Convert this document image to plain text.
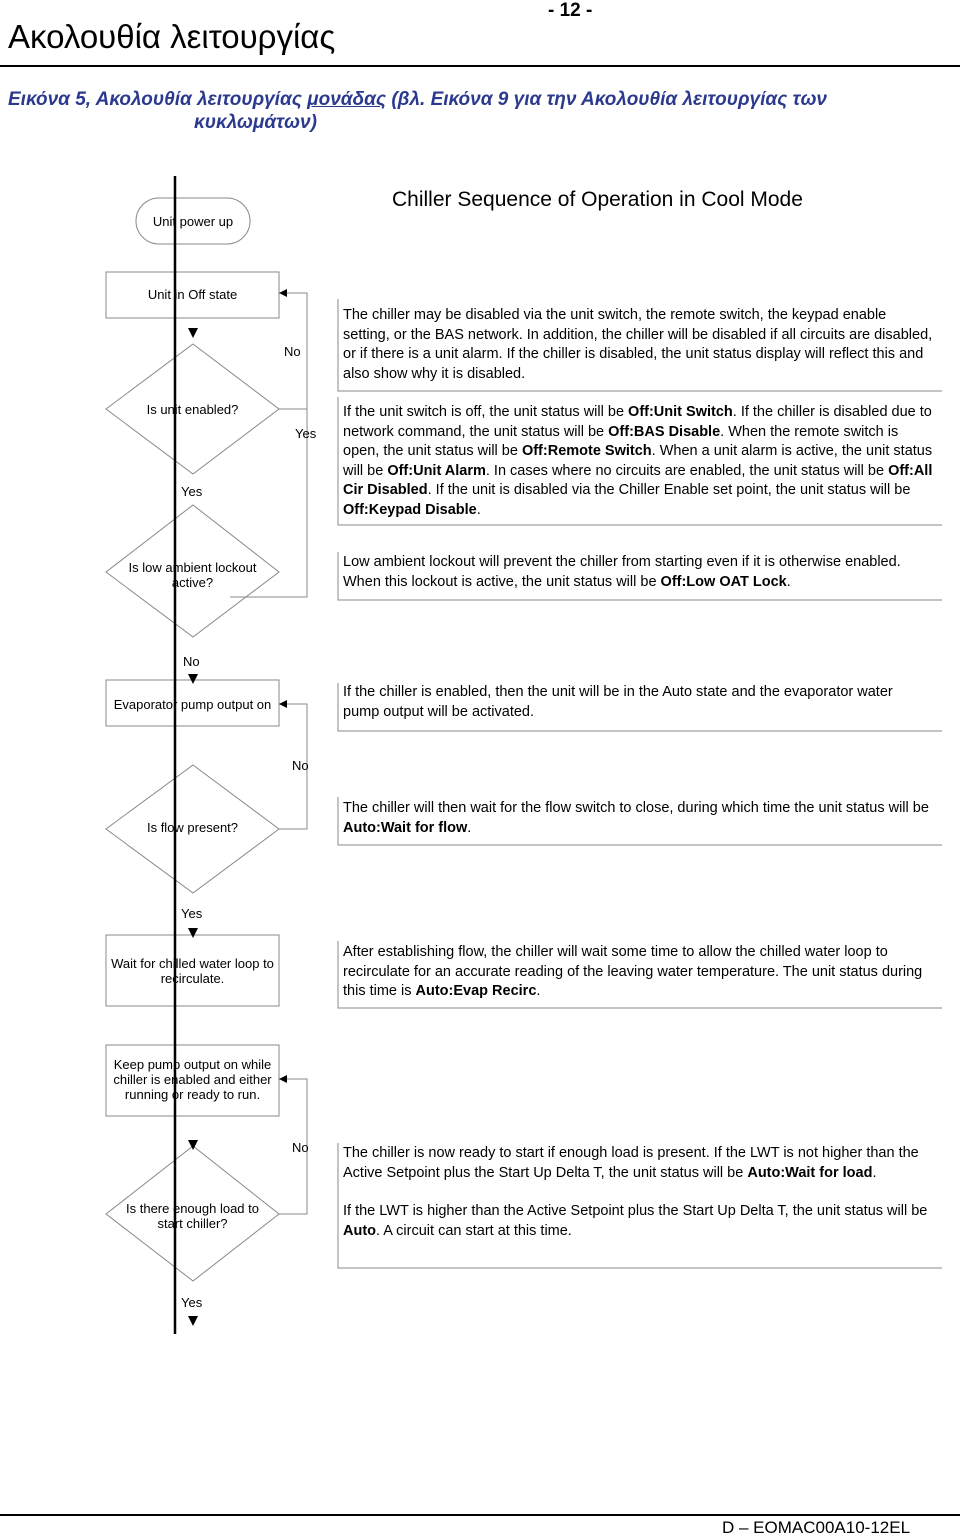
Ακολουθία λειτουργίας
- 12 -
Εικόνα 5, Ακολουθία λειτουργίας μονάδας (βλ. Εικόνα 9 για την Ακολουθία λειτουργίας των
κυκλωμάτων)
Chiller Sequence of Operation in Cool Mode
Unit power up
Unit in Off state
Is unit enabled?
Is low ambient lockout active?
Evaporator pump output on
Is flow present?
Wait for chilled water loop to recirculate.
Keep pump output on while chiller is enabled and either running or ready to run.
Is there enough load to start chiller?
No
Yes
Yes
No
No
Yes
No
Yes
The chiller may be disabled via the unit switch, the remote switch, the keypad enable setting, or the BAS network. In addition, the chiller will be disabled if all circuits are disabled, or if there is a unit alarm. If the chiller is disabled, the unit status display will reflect this and also show why it is disabled.
If the unit switch is off, the unit status will be Off:Unit Switch. If the chiller is disabled due to network command, the unit status will be Off:BAS Disable. When the remote switch is open, the unit status will be Off:Remote Switch. When a unit alarm is active, the unit status will be Off:Unit Alarm. In cases where no circuits are enabled, the unit status will be Off:All Cir Disabled. If the unit is disabled via the Chiller Enable set point, the unit status will be Off:Keypad Disable.
Low ambient lockout will prevent the chiller from starting even if it is otherwise enabled. When this lockout is active, the unit status will be Off:Low OAT Lock.
If the chiller is enabled, then the unit will be in the Auto state and the evaporator water pump output will be activated.
The chiller will then wait for the flow switch to close, during which time the unit status will be Auto:Wait for flow.
After establishing flow, the chiller will wait some time to allow the chilled water loop to recirculate for an accurate reading of the leaving water temperature. The unit status during this time is Auto:Evap Recirc.

The chiller is now ready to start if enough load is present. If the LWT is not higher than the Active Setpoint plus the Start Up Delta T, the unit status will be Auto:Wait for load.

If the LWT is higher than the Active Setpoint plus the Start Up Delta T, the unit status will be Auto. A circuit can start at this time.

D – EOMAC00A10-12EL
